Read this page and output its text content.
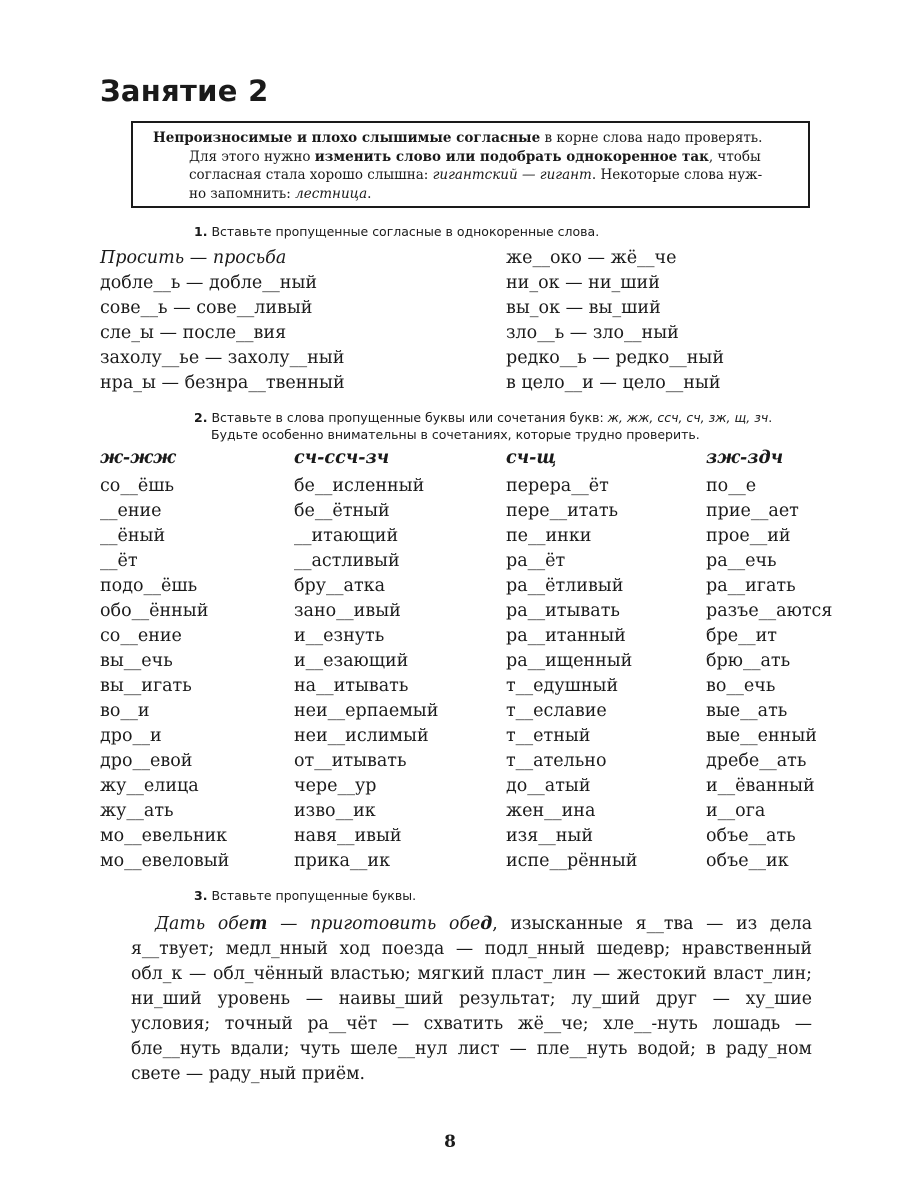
Занятие 2

Непроизносимые и плохо слышимые согласные в корне слова надо проверять.

Для этого нужно изменить слово или подобрать однокоренное так, чтобы

согласная стала хорошо слышна: гигантский — гигант. Некоторые слова нуж-

но запомнить: лестница.

1. Вставьте пропущенные согласные в однокоренные слова.
Просить — просьба
добле__ь — добле__ный
сове__ь — сове__ливый
сле_ы — после__вия
захолу__ье — захолу__ный
нра_ы — безнра__твенный
же__око — жё__че
ни_ок — ни_ший
вы_ок — вы_ший
зло__ь — зло__ный
редко__ь — редко__ный
в цело__и — цело__ный
2. Вставьте в слова пропущенные буквы или сочетания букв: ж, жж, ссч, сч, зж, щ, зч.
Будьте особенно внимательны в сочетаниях, которые трудно проверить.
ж-жж
со__ёшь
__ение
__ёный
__ёт
подо__ёшь
обо__ённый
со__ение
вы__ечь
вы__игать
во__и
дро__и
дро__евой
жу__елица
жу__ать
мо__евельник
мо__евеловый
сч-ссч-зч
бе__исленный
бе__ётный
__итающий
__астливый
бру__атка
зано__ивый
и__езнуть
и__езающий
на__итывать
неи__ерпаемый
неи__ислимый
от__итывать
чере__ур
изво__ик
навя__ивый
прика__ик
сч-щ
перера__ёт
пере__итать
пе__инки
ра__ёт
ра__ётливый
ра__итывать
ра__итанный
ра__ищенный
т__едушный
т__еславие
т__етный
т__ательно
до__атый
жен__ина
изя__ный
испе__рённый
зж-здч
по__е
прие__ает
прое__ий
ра__ечь
ра__игать
разъе__аются
бре__ит
брю__ать
во__ечь
вые__ать
вые__енный
дребе__ать
и__ёванный
и__ога
объе__ать
объе__ик
3. Вставьте пропущенные буквы.
Дать обет — приготовить обед, изысканные я__тва — из дела я__твует; медл_нный ход поезда — подл_нный шедевр; нравственный обл_к — обл_чённый властью; мягкий пласт_лин — жестокий власт_лин; ни_ший уровень — наивы_ший результат; лу_ший друг — ху_шие условия; точный ра__чёт — схватить жё__че; хле__-нуть лошадь — бле__нуть вдали; чуть шеле__нул лист — пле__нуть водой; в раду_ном свете — раду_ный приём.
8
